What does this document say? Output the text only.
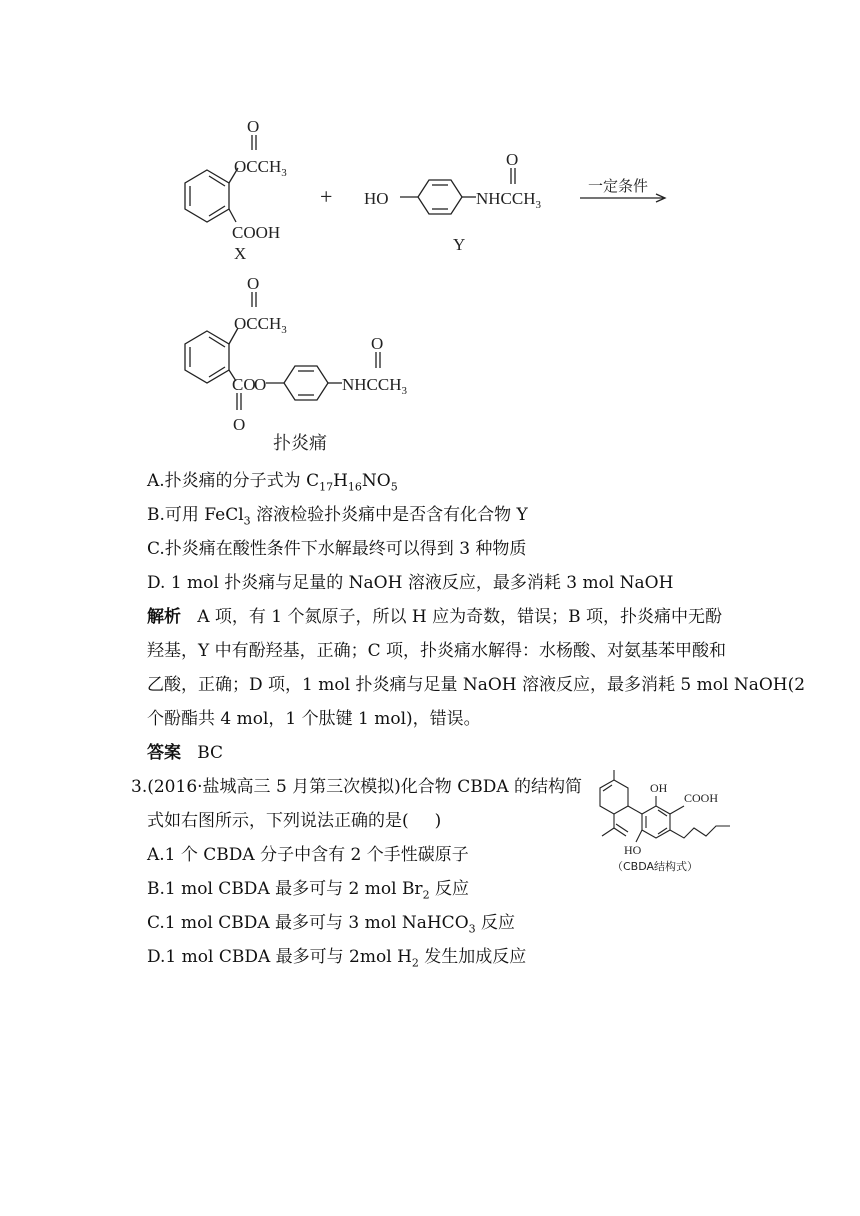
O
$OCCH_3$
COOH
X
+ HO
O
$NHCCH_3$
Y
一定条件
O
$OCCH_3$
CO
O
O
O
$NHCCH_3$
扑炎痛
A.扑炎痛的分子式为 $C_{17}H_{16}NO_5$
B.可用 FeCl$_3$ 溶液检验扑炎痛中是否含有化合物 Y
C.扑炎痛在酸性条件下水解最终可以得到 3 种物质
D. 1 mol 扑炎痛与足量的 NaOH 溶液反应，最多消耗 3 mol NaOH
解析 A 项，有 1 个氮原子，所以 H 应为奇数，错误；B 项，扑炎痛中无酚
羟基，Y 中有酚羟基，正确；C 项，扑炎痛水解得：水杨酸、对氨基苯甲酸和
乙酸，正确；D 项，1 mol 扑炎痛与足量 NaOH 溶液反应，最多消耗 5 mol NaOH(2
个酚酯共 4 mol，1 个肽键 1 mol)，错误。
答案 BC
3.(2016·盐城高三 5 月第三次模拟)化合物 CBDA 的结构简
式如右图所示，下列说法正确的是( )
A.1 个 CBDA 分子中含有 2 个手性碳原子
B.1 mol CBDA 最多可与 2 mol $Br_2$ 反应
C.1 mol CBDA 最多可与 3 mol NaHCO$_3$ 反应
D.1 mol CBDA 最多可与 2mol $H_2$ 发生加成反应
OH
COOH
HO
（CBDA结构式）
